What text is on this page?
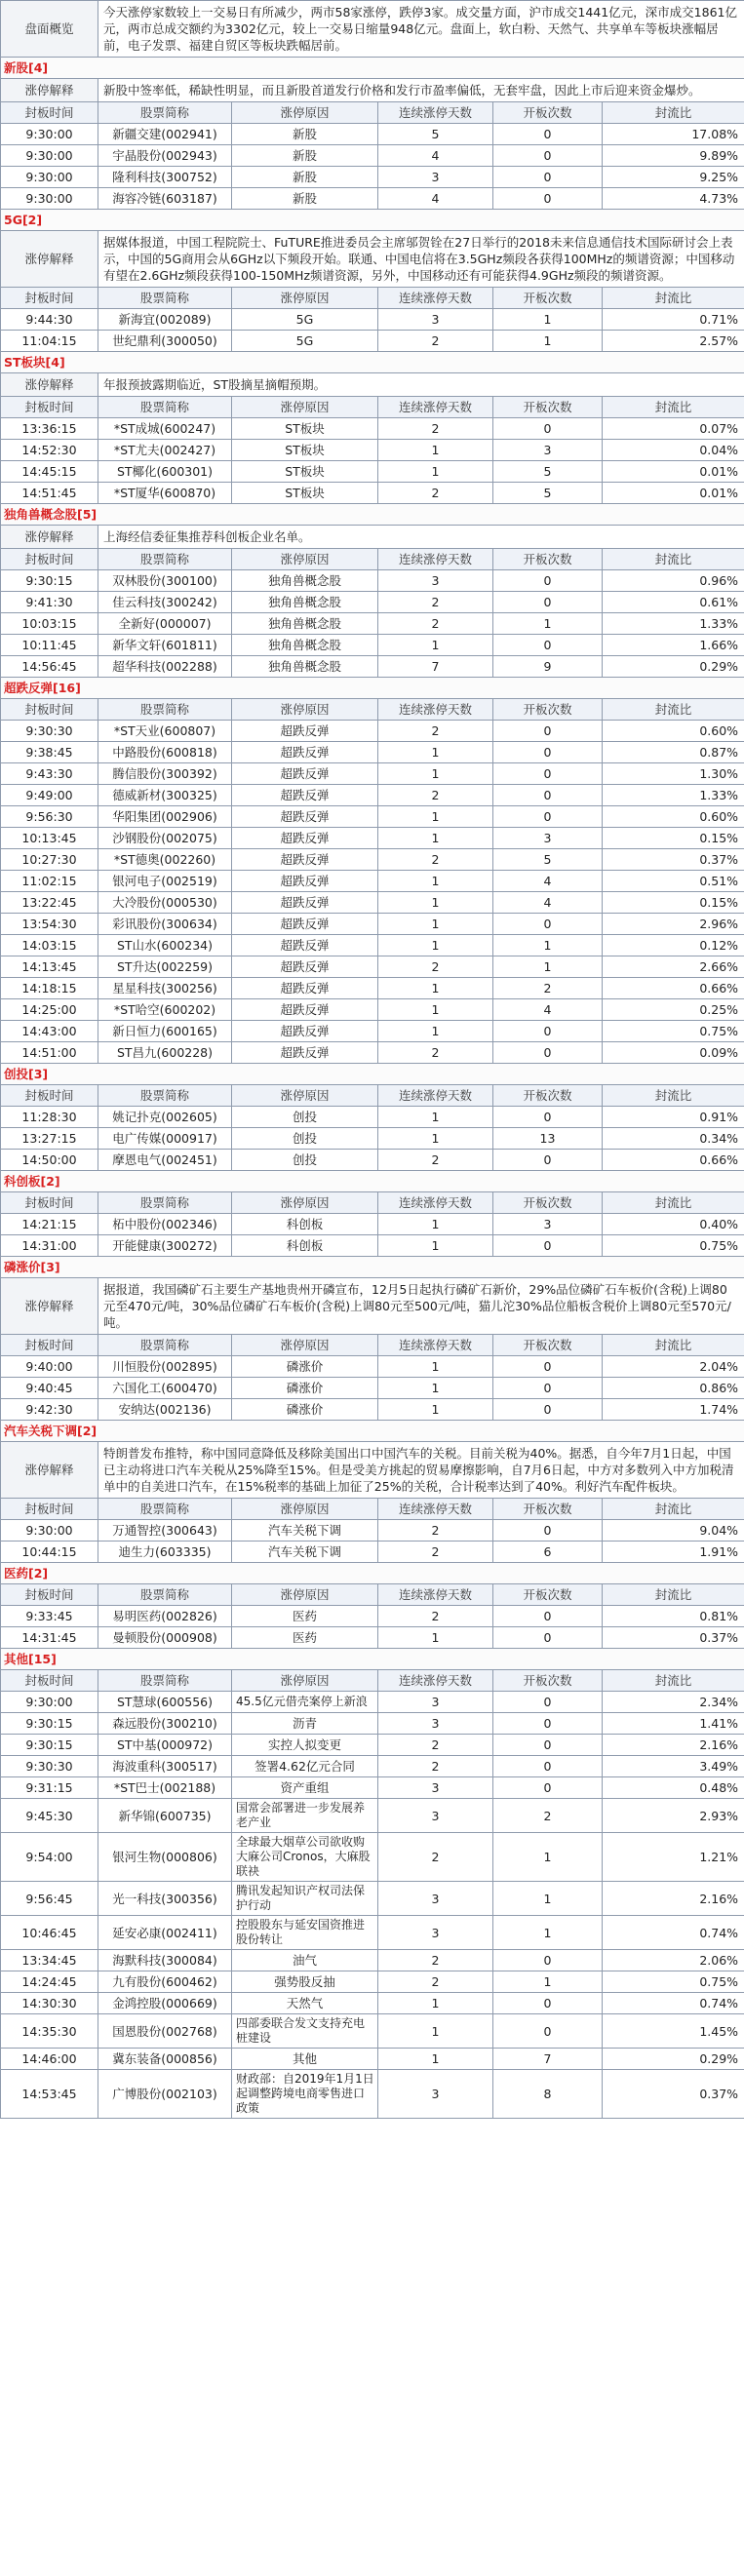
盘面概览	今天涨停家数较上一交易日有所减少，两市58家涨停，跌停3家。成交量方面，沪市成交1441亿元，深市成交1861亿元，两市总成交额约为3302亿元，较上一交易日缩量948亿元。盘面上，软白粉、天然气、共享单车等板块涨幅居前，电子发票、福建自贸区等板块跌幅居前。				
新股[4]					
涨停解释	新股中签率低，稀缺性明显，而且新股首道发行价格和发行市盈率偏低，无套牢盘，因此上市后迎来资金爆炒。				
封板时间	股票简称	涨停原因	连续涨停天数	开板次数	封流比
9:30:00	新疆交建(002941)	新股	5	0	17.08%
9:30:00	宇晶股份(002943)	新股	4	0	9.89%
9:30:00	隆利科技(300752)	新股	3	0	9.25%
9:30:00	海容冷链(603187)	新股	4	0	4.73%
5G[2]					
涨停解释	据媒体报道，中国工程院院士、FuTURE推进委员会主席邬贺铨在27日举行的2018未来信息通信技术国际研讨会上表示，中国的5G商用会从6GHz以下频段开始。联通、中国电信将在3.5GHz频段各获得100MHz的频谱资源；中国移动有望在2.6GHz频段获得100-150MHz频谱资源，另外，中国移动还有可能获得4.9GHz频段的频谱资源。				
封板时间	股票简称	涨停原因	连续涨停天数	开板次数	封流比
9:44:30	新海宜(002089)	5G	3	1	0.71%
11:04:15	世纪鼎利(300050)	5G	2	1	2.57%
ST板块[4]					
涨停解释	年报预披露期临近，ST股摘星摘帽预期。				
封板时间	股票简称	涨停原因	连续涨停天数	开板次数	封流比
13:36:15	*ST成城(600247)	ST板块	2	0	0.07%
14:52:30	*ST尤夫(002427)	ST板块	1	3	0.04%
14:45:15	ST椰化(600301)	ST板块	1	5	0.01%
14:51:45	*ST厦华(600870)	ST板块	2	5	0.01%
独角兽概念股[5]					
涨停解释	上海经信委征集推荐科创板企业名单。				
封板时间	股票简称	涨停原因	连续涨停天数	开板次数	封流比
9:30:15	双林股份(300100)	独角兽概念股	3	0	0.96%
9:41:30	佳云科技(300242)	独角兽概念股	2	0	0.61%
10:03:15	全新好(000007)	独角兽概念股	2	1	1.33%
10:11:45	新华文轩(601811)	独角兽概念股	1	0	1.66%
14:56:45	超华科技(002288)	独角兽概念股	7	9	0.29%
超跌反弹[16]					
封板时间	股票简称	涨停原因	连续涨停天数	开板次数	封流比
9:30:30	*ST天业(600807)	超跌反弹	2	0	0.60%
9:38:45	中路股份(600818)	超跌反弹	1	0	0.87%
9:43:30	腾信股份(300392)	超跌反弹	1	0	1.30%
9:49:00	德威新材(300325)	超跌反弹	2	0	1.33%
9:56:30	华阳集团(002906)	超跌反弹	1	0	0.60%
10:13:45	沙钢股份(002075)	超跌反弹	1	3	0.15%
10:27:30	*ST德奥(002260)	超跌反弹	2	5	0.37%
11:02:15	银河电子(002519)	超跌反弹	1	4	0.51%
13:22:45	大冷股份(000530)	超跌反弹	1	4	0.15%
13:54:30	彩讯股份(300634)	超跌反弹	1	0	2.96%
14:03:15	ST山水(600234)	超跌反弹	1	1	0.12%
14:13:45	ST升达(002259)	超跌反弹	2	1	2.66%
14:18:15	星星科技(300256)	超跌反弹	1	2	0.66%
14:25:00	*ST哈空(600202)	超跌反弹	1	4	0.25%
14:43:00	新日恒力(600165)	超跌反弹	1	0	0.75%
14:51:00	ST昌九(600228)	超跌反弹	2	0	0.09%
创投[3]					
封板时间	股票简称	涨停原因	连续涨停天数	开板次数	封流比
11:28:30	姚记扑克(002605)	创投	1	0	0.91%
13:27:15	电广传媒(000917)	创投	1	13	0.34%
14:50:00	摩恩电气(002451)	创投	2	0	0.66%
科创板[2]					
封板时间	股票简称	涨停原因	连续涨停天数	开板次数	封流比
14:21:15	柘中股份(002346)	科创板	1	3	0.40%
14:31:00	开能健康(300272)	科创板	1	0	0.75%
磷涨价[3]					
涨停解释	据报道，我国磷矿石主要生产基地贵州开磷宣布，12月5日起执行磷矿石新价，29%品位磷矿石车板价(含税)上调80元至470元/吨，30%品位磷矿石车板价(含税)上调80元至500元/吨，猫儿沱30%品位船板含税价上调80元至570元/吨。				
封板时间	股票简称	涨停原因	连续涨停天数	开板次数	封流比
9:40:00	川恒股份(002895)	磷涨价	1	0	2.04%
9:40:45	六国化工(600470)	磷涨价	1	0	0.86%
9:42:30	安纳达(002136)	磷涨价	1	0	1.74%
汽车关税下调[2]					
涨停解释	特朗普发布推特，称中国同意降低及移除美国出口中国汽车的关税。目前关税为40%。据悉，自今年7月1日起，中国已主动将进口汽车关税从25%降至15%。但是受美方挑起的贸易摩擦影响，自7月6日起，中方对多数列入中方加税清单中的自美进口汽车，在15%税率的基础上加征了25%的关税，合计税率达到了40%。利好汽车配件板块。				
封板时间	股票简称	涨停原因	连续涨停天数	开板次数	封流比
9:30:00	万通智控(300643)	汽车关税下调	2	0	9.04%
10:44:15	迪生力(603335)	汽车关税下调	2	6	1.91%
医药[2]					
封板时间	股票简称	涨停原因	连续涨停天数	开板次数	封流比
9:33:45	易明医药(002826)	医药	2	0	0.81%
14:31:45	曼顿股份(000908)	医药	1	0	0.37%
其他[15]					
封板时间	股票简称	涨停原因	连续涨停天数	开板次数	封流比
9:30:00	ST慧球(600556)	45.5亿元借壳案停上新浪	3	0	2.34%
9:30:15	森远股份(300210)	沥青	3	0	1.41%
9:30:15	ST中基(000972)	实控人拟变更	2	0	2.16%
9:30:30	海波重科(300517)	签署4.62亿元合同	2	0	3.49%
9:31:15	*ST巴士(002188)	资产重组	3	0	0.48%
9:45:30	新华锦(600735)	国常会部署进一步发展养老产业	3	2	2.93%
9:54:00	银河生物(000806)	全球最大烟草公司欲收购大麻公司Cronos，大麻股联袂	2	1	1.21%
9:56:45	光一科技(300356)	腾讯发起知识产权司法保护行动	3	1	2.16%
10:46:45	延安必康(002411)	控股股东与延安国资推进股份转让	3	1	0.74%
13:34:45	海默科技(300084)	油气	2	0	2.06%
14:24:45	九有股份(600462)	强势股反抽	2	1	0.75%
14:30:30	金鸿控股(000669)	天然气	1	0	0.74%
14:35:30	国恩股份(002768)	四部委联合发文支持充电桩建设	1	0	1.45%
14:46:00	冀东装备(000856)	其他	1	7	0.29%
14:53:45	广博股份(002103)	财政部：自2019年1月1日起调整跨境电商零售进口政策	3	8	0.37%
